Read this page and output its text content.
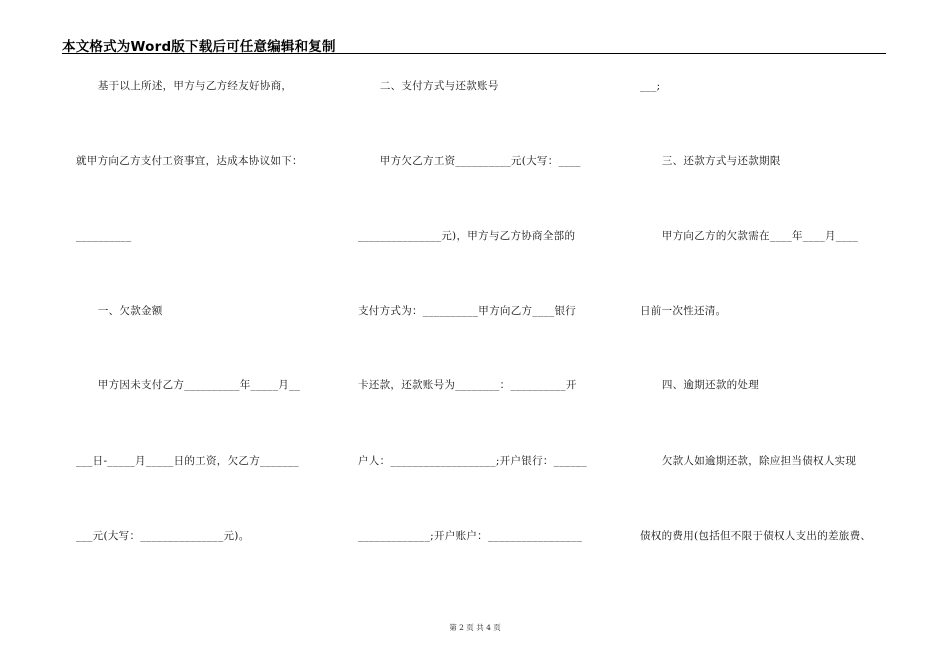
本文格式为Word版下载后可任意编辑和复制
基于以上所述，甲方与乙方经友好协商，
就甲方向乙方支付工资事宜，达成本协议如下：
__________
一、欠款金额
甲方因未支付乙方__________年_____月__
___日-_____月_____日的工资，欠乙方_______
___元(大写：_______________元)。
二、支付方式与还款账号
甲方欠乙方工资__________元(大写：____
_______________元)，甲方与乙方协商全部的
支付方式为：__________甲方向乙方____银行
卡还款，还款账号为________：__________开
户人：___________________;开户银行：______
_____________;开户账户：_________________
___;
三、还款方式与还款期限
甲方向乙方的欠款需在____年____月____
日前一次性还清。
四、逾期还款的处理
欠款人如逾期还款，除应担当债权人实现
债权的费用(包括但不限于债权人支出的差旅费、
第 2 页 共 4 页
